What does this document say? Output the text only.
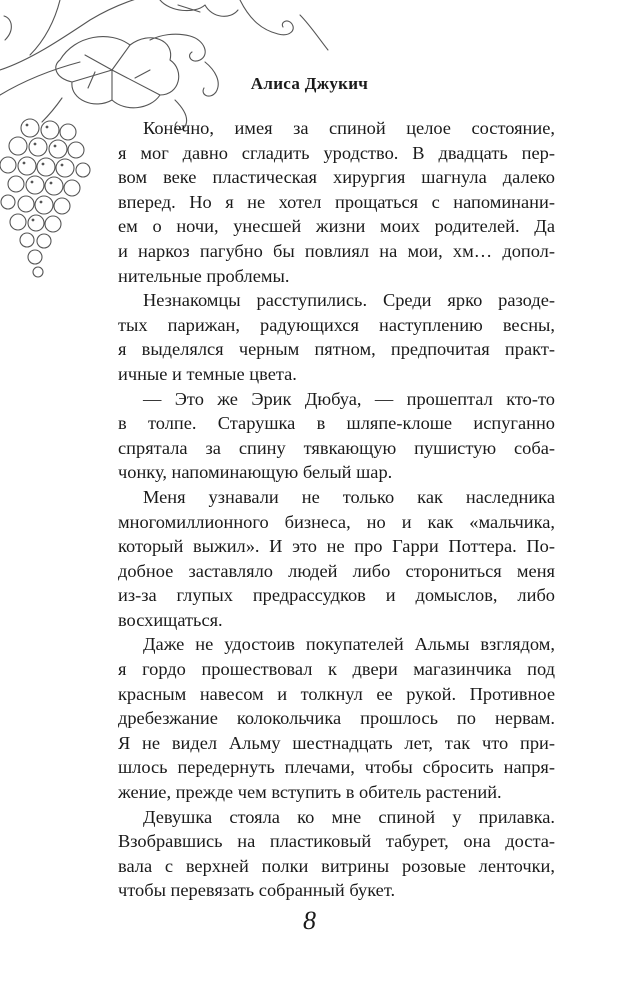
Алиса Джукич

Конечно, имея за спиной целое состояние,

я мог давно сгладить уродство. В двадцать пер-

вом веке пластическая хирургия шагнула далеко

вперед. Но я не хотел прощаться с напоминани-

ем о ночи, унесшей жизни моих родителей. Да

и наркоз пагубно бы повлиял на мои, хм… допол-

нительные проблемы.

Незнакомцы расступились. Среди ярко разоде-

тых парижан, радующихся наступлению весны,

я выделялся черным пятном, предпочитая практ-

ичные и темные цвета.

— Это же Эрик Дюбуа, — прошептал кто-то

в толпе. Старушка в шляпе-клоше испуганно

спрятала за спину тявкающую пушистую соба-

чонку, напоминающую белый шар.

Меня узнавали не только как наследника

многомиллионного бизнеса, но и как «мальчика,

который выжил». И это не про Гарри Поттера. По-

добное заставляло людей либо сторониться меня

из-за глупых предрассудков и домыслов, либо

восхищаться.

Даже не удостоив покупателей Альмы взглядом,

я гордо прошествовал к двери магазинчика под

красным навесом и толкнул ее рукой. Противное

дребезжание колокольчика прошлось по нервам.

Я не видел Альму шестнадцать лет, так что при-

шлось передернуть плечами, чтобы сбросить напря-

жение, прежде чем вступить в обитель растений.

Девушка стояла ко мне спиной у прилавка.

Взобравшись на пластиковый табурет, она доста-

вала с верхней полки витрины розовые ленточки,

чтобы перевязать собранный букет.

8
